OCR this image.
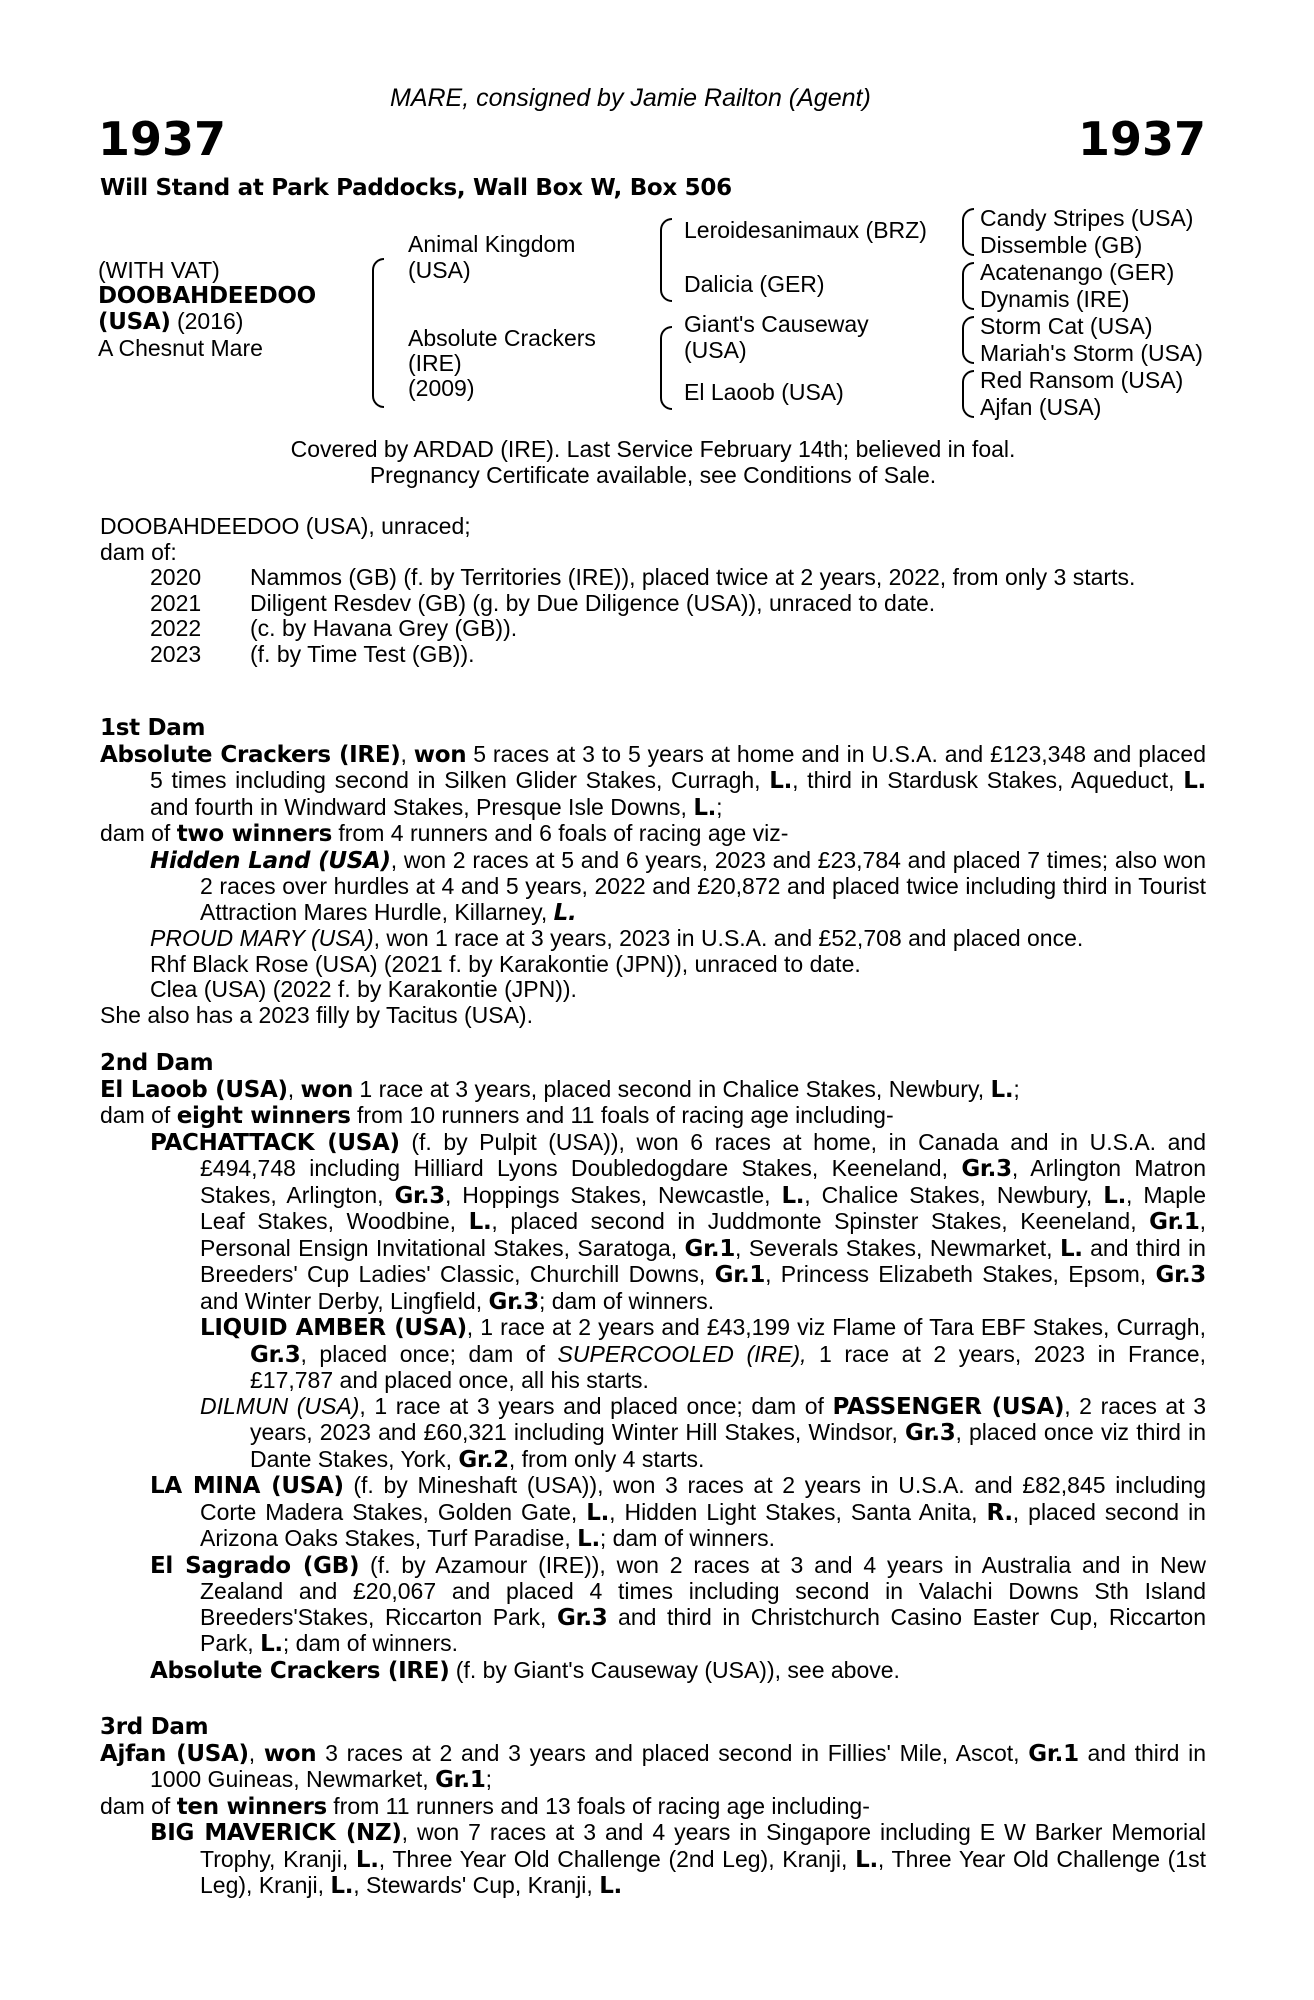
MARE, consigned by Jamie Railton (Agent)
1937	1937
Will Stand at Park Paddocks, Wall Box W, Box 506
(WITH VAT)
DOOBAHDEEDOO
(USA) (2016)
A Chesnut Mare
Animal Kingdom
(USA)
Absolute Crackers
(IRE)
(2009)
Leroidesanimaux (BRZ)
Dalicia (GER)
Giant's Causeway
(USA)
El Laoob (USA)
Candy Stripes (USA)
Dissemble (GB)
Acatenango (GER)
Dynamis (IRE)
Storm Cat (USA)
Mariah's Storm (USA)
Red Ransom (USA)
Ajfan (USA)
Covered by ARDAD (IRE). Last Service February 14th; believed in foal.
Pregnancy Certificate available, see Conditions of Sale.
DOOBAHDEEDOO (USA), unraced;
dam of:
2020	Nammos (GB) (f. by Territories (IRE)), placed twice at 2 years, 2022, from only 3 starts.
2021	Diligent Resdev (GB) (g. by Due Diligence (USA)), unraced to date.
2022	(c. by Havana Grey (GB)).
2023	(f. by Time Test (GB)).
1st Dam
Absolute Crackers (IRE), won 5 races at 3 to 5 years at home and in U.S.A. and £123,348 and placed 5 times including second in Silken Glider Stakes, Curragh, L., third in Stardusk Stakes, Aqueduct, L. and fourth in Windward Stakes, Presque Isle Downs, L.;
dam of two winners from 4 runners and 6 foals of racing age viz-
Hidden Land (USA), won 2 races at 5 and 6 years, 2023 and £23,784 and placed 7 times; also won 2 races over hurdles at 4 and 5 years, 2022 and £20,872 and placed twice including third in Tourist Attraction Mares Hurdle, Killarney, L.
PROUD MARY (USA), won 1 race at 3 years, 2023 in U.S.A. and £52,708 and placed once.
Rhf Black Rose (USA) (2021 f. by Karakontie (JPN)), unraced to date.
Clea (USA) (2022 f. by Karakontie (JPN)).
She also has a 2023 filly by Tacitus (USA).
2nd Dam
El Laoob (USA), won 1 race at 3 years, placed second in Chalice Stakes, Newbury, L.;
dam of eight winners from 10 runners and 11 foals of racing age including-
PACHATTACK (USA) (f. by Pulpit (USA)), won 6 races at home, in Canada and in U.S.A. and £494,748 including Hilliard Lyons Doubledogdare Stakes, Keeneland, Gr.3, Arlington Matron Stakes, Arlington, Gr.3, Hoppings Stakes, Newcastle, L., Chalice Stakes, Newbury, L., Maple Leaf Stakes, Woodbine, L., placed second in Juddmonte Spinster Stakes, Keeneland, Gr.1, Personal Ensign Invitational Stakes, Saratoga, Gr.1, Severals Stakes, Newmarket, L. and third in Breeders' Cup Ladies' Classic, Churchill Downs, Gr.1, Princess Elizabeth Stakes, Epsom, Gr.3 and Winter Derby, Lingfield, Gr.3; dam of winners.
LIQUID AMBER (USA), 1 race at 2 years and £43,199 viz Flame of Tara EBF Stakes, Curragh, Gr.3, placed once; dam of SUPERCOOLED (IRE), 1 race at 2 years, 2023 in France, £17,787 and placed once, all his starts.
DILMUN (USA), 1 race at 3 years and placed once; dam of PASSENGER (USA), 2 races at 3 years, 2023 and £60,321 including Winter Hill Stakes, Windsor, Gr.3, placed once viz third in Dante Stakes, York, Gr.2, from only 4 starts.
LA MINA (USA) (f. by Mineshaft (USA)), won 3 races at 2 years in U.S.A. and £82,845 including Corte Madera Stakes, Golden Gate, L., Hidden Light Stakes, Santa Anita, R., placed second in Arizona Oaks Stakes, Turf Paradise, L.; dam of winners.
El Sagrado (GB) (f. by Azamour (IRE)), won 2 races at 3 and 4 years in Australia and in New Zealand and £20,067 and placed 4 times including second in Valachi Downs Sth Island Breeders'Stakes, Riccarton Park, Gr.3 and third in Christchurch Casino Easter Cup, Riccarton Park, L.; dam of winners.
Absolute Crackers (IRE) (f. by Giant's Causeway (USA)), see above.
3rd Dam
Ajfan (USA), won 3 races at 2 and 3 years and placed second in Fillies' Mile, Ascot, Gr.1 and third in 1000 Guineas, Newmarket, Gr.1;
dam of ten winners from 11 runners and 13 foals of racing age including-
BIG MAVERICK (NZ), won 7 races at 3 and 4 years in Singapore including E W Barker Memorial Trophy, Kranji, L., Three Year Old Challenge (2nd Leg), Kranji, L., Three Year Old Challenge (1st Leg), Kranji, L., Stewards' Cup, Kranji, L.
